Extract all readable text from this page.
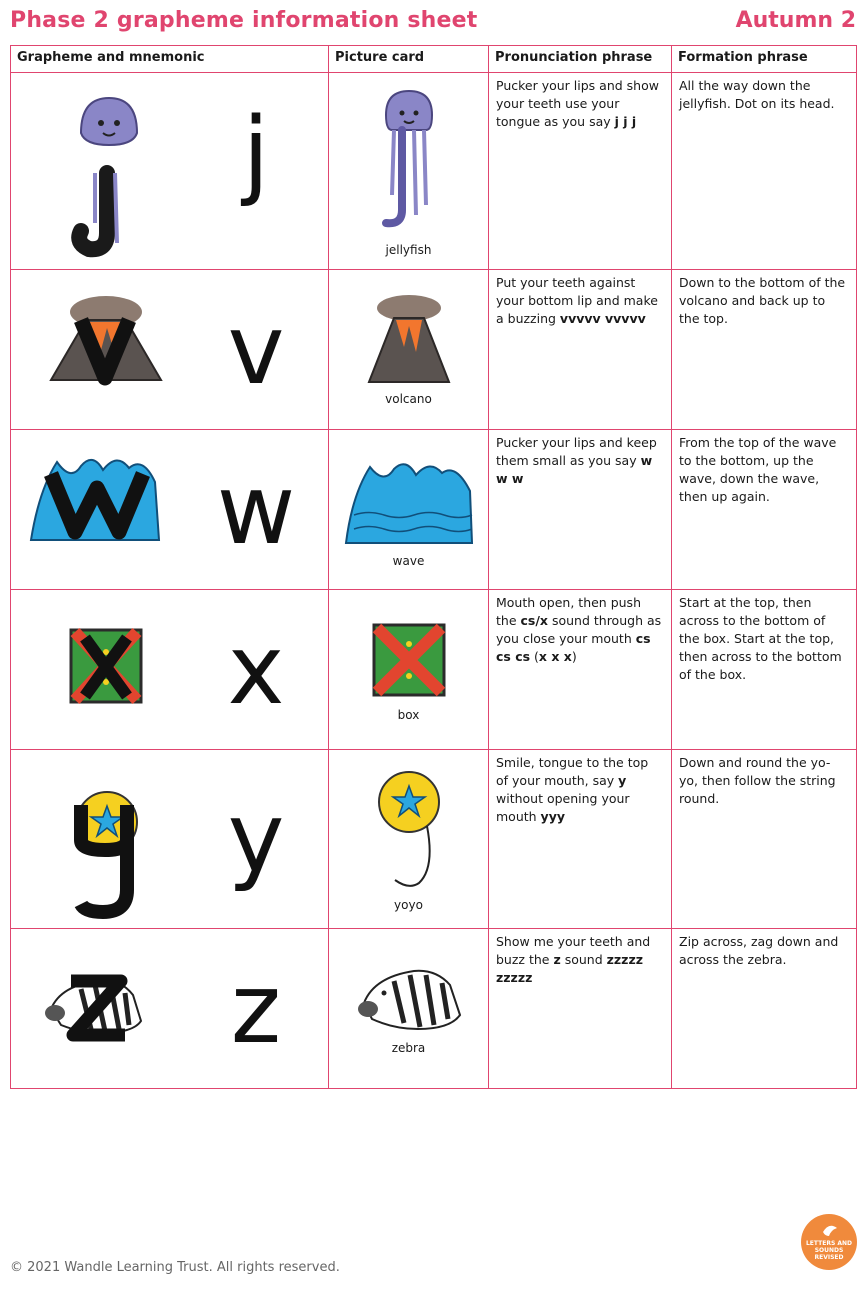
Phase 2 grapheme information sheet	Autumn 2
Grapheme and mnemonic	Picture card	Pronunciation phrase	Formation phrase

j	jellyfish	Pucker your lips and show your teeth use your tongue as you say j j j	All the way down the jellyfish. Dot on its head.

v	volcano	Put your teeth against your bottom lip and make a buzzing vvvvv vvvvv	Down to the bottom of the volcano and back up to the top.

w	wave	Pucker your lips and keep them small as you say w w w	From the top of the wave to the bottom, up the wave, down the wave, then up again.

x	box	Mouth open, then push the cs/x sound through as you close your mouth cs cs cs (x x x)	Start at the top, then across to the bottom of the box. Start at the top, then across to the bottom of the box.

y	yoyo	Smile, tongue to the top of your mouth, say y without opening your mouth yyy	Down and round the yo-yo, then follow the string round.

z	zebra	Show me your teeth and buzz the z sound zzzzz zzzzz	Zip across, zag down and across the zebra.
© 2021 Wandle Learning Trust. All rights reserved.
LETTERS AND SOUNDS
REVISED
